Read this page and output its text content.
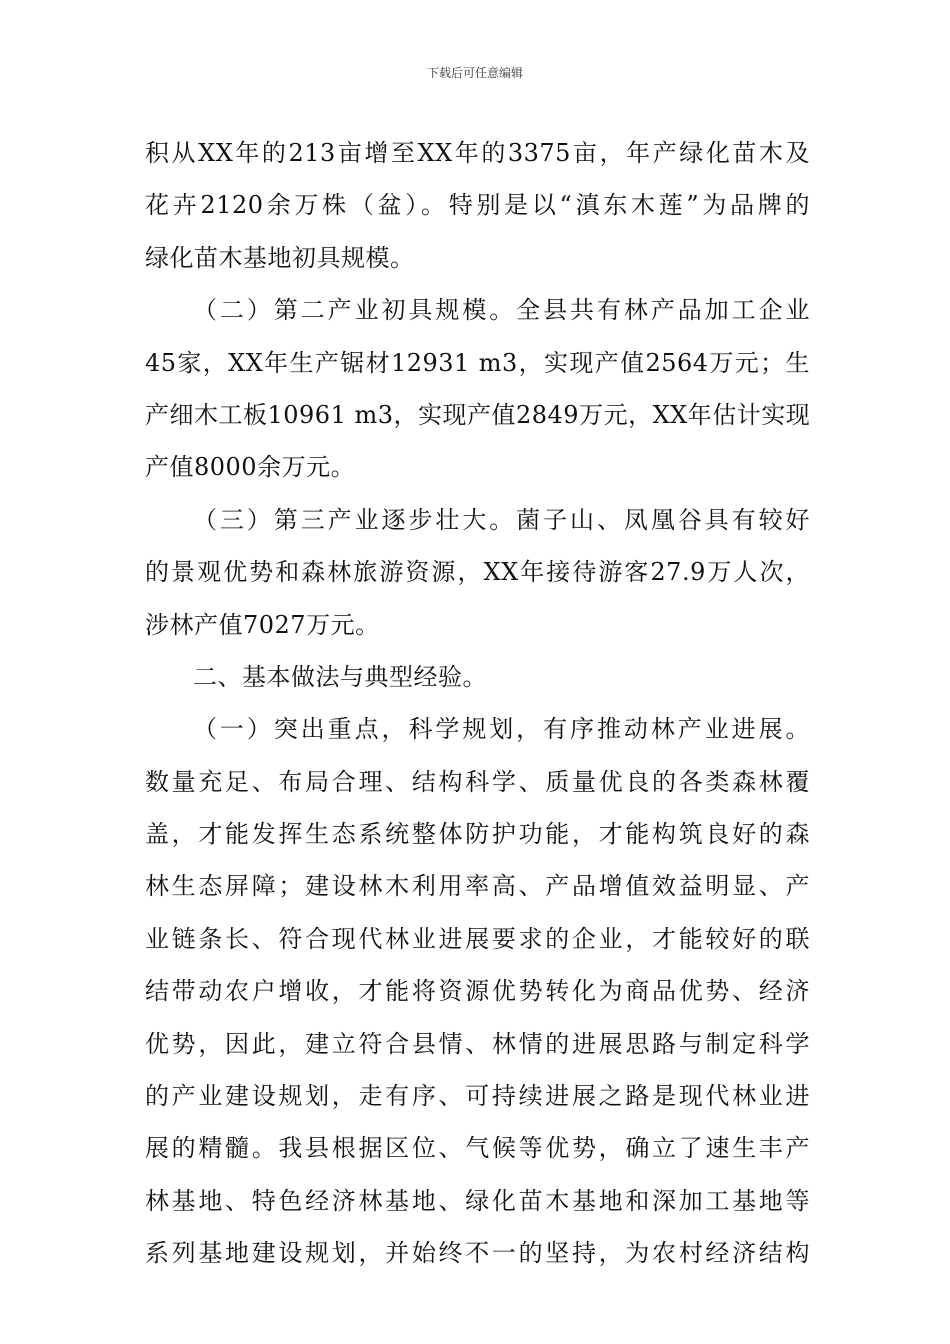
下载后可任意编辑
积从XX年的213亩增至XX年的3375亩，年产绿化苗木及
花卉2120余万株（盆）。特别是以“滇东木莲”为品牌的
绿化苗木基地初具规模。
（二）第二产业初具规模。全县共有林产品加工企业
45家，XX年生产锯材12931 m3，实现产值2564万元；生
产细木工板10961 m3，实现产值2849万元，XX年估计实现
产值8000余万元。
（三）第三产业逐步壮大。菌子山、凤凰谷具有较好
的景观优势和森林旅游资源，XX年接待游客27.9万人次，
涉林产值7027万元。
二、基本做法与典型经验。
（一）突出重点，科学规划，有序推动林产业进展。
数量充足、布局合理、结构科学、质量优良的各类森林覆
盖，才能发挥生态系统整体防护功能，才能构筑良好的森
林生态屏障；建设林木利用率高、产品增值效益明显、产
业链条长、符合现代林业进展要求的企业，才能较好的联
结带动农户增收，才能将资源优势转化为商品优势、经济
优势，因此，建立符合县情、林情的进展思路与制定科学
的产业建设规划，走有序、可持续进展之路是现代林业进
展的精髓。我县根据区位、气候等优势，确立了速生丰产
林基地、特色经济林基地、绿化苗木基地和深加工基地等
系列基地建设规划，并始终不一的坚持，为农村经济结构
